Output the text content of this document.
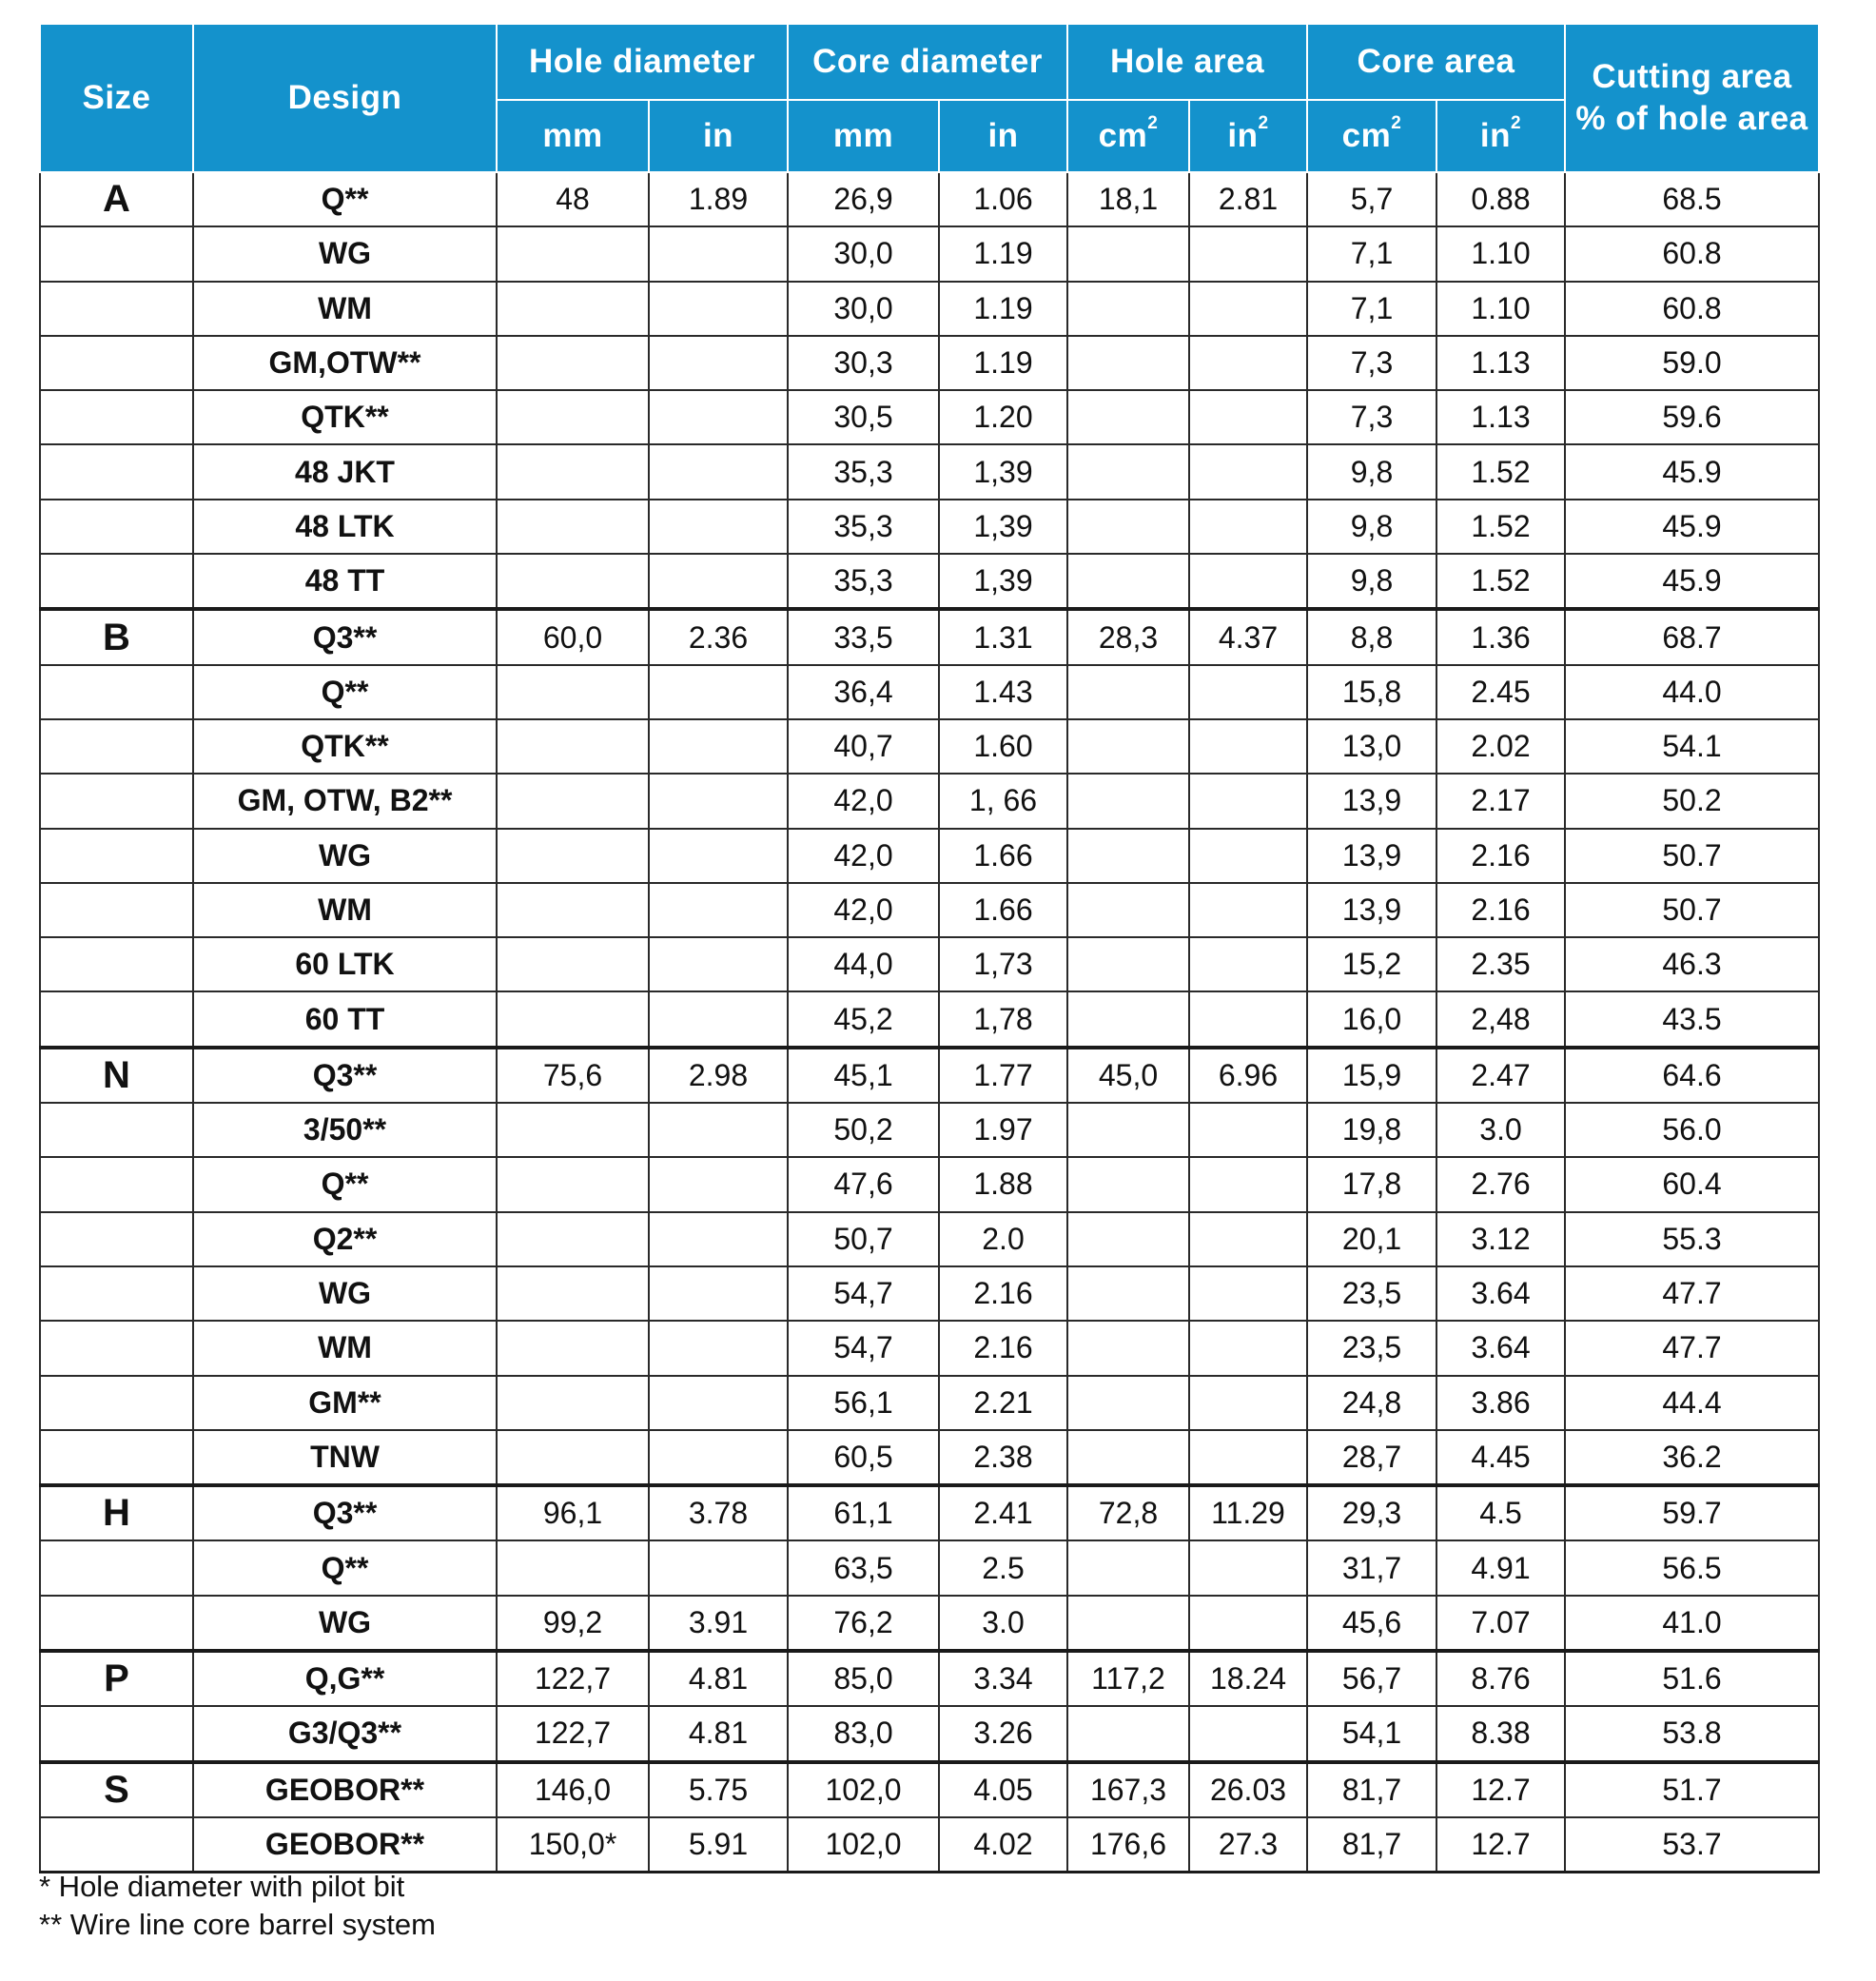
Size	Design	Hole diameter		Core diameter		Hole area		Core area		Cutting area
% of hole area

		mm	in	mm	in	$cm^2$	$in^2$	$cm^2$	$in^2$
A	Q**	48	1.89	26,9	1.06	18,1	2.81	5,7	0.88	68.5
	WG			30,0	1.19			7,1	1.10	60.8
	WM			30,0	1.19			7,1	1.10	60.8
	GM,OTW**			30,3	1.19			7,3	1.13	59.0
	QTK**			30,5	1.20			7,3	1.13	59.6
	48 JKT			35,3	1,39			9,8	1.52	45.9
	48 LTK			35,3	1,39			9,8	1.52	45.9
	48 TT			35,3	1,39			9,8	1.52	45.9
B	Q3**	60,0	2.36	33,5	1.31	28,3	4.37	8,8	1.36	68.7
	Q**			36,4	1.43			15,8	2.45	44.0
	QTK**			40,7	1.60			13,0	2.02	54.1
	GM, OTW, B2**			42,0	1, 66			13,9	2.17	50.2
	WG			42,0	1.66			13,9	2.16	50.7
	WM			42,0	1.66			13,9	2.16	50.7
	60 LTK			44,0	1,73			15,2	2.35	46.3
	60 TT			45,2	1,78			16,0	2,48	43.5
N	Q3**	75,6	2.98	45,1	1.77	45,0	6.96	15,9	2.47	64.6
	3/50**			50,2	1.97			19,8	3.0	56.0
	Q**			47,6	1.88			17,8	2.76	60.4
	Q2**			50,7	2.0			20,1	3.12	55.3
	WG			54,7	2.16			23,5	3.64	47.7
	WM			54,7	2.16			23,5	3.64	47.7
	GM**			56,1	2.21			24,8	3.86	44.4
	TNW			60,5	2.38			28,7	4.45	36.2
H	Q3**	96,1	3.78	61,1	2.41	72,8	11.29	29,3	4.5	59.7
	Q**			63,5	2.5			31,7	4.91	56.5
	WG	99,2	3.91	76,2	3.0			45,6	7.07	41.0
P	Q,G**	122,7	4.81	85,0	3.34	117,2	18.24	56,7	8.76	51.6
	G3/Q3**	122,7	4.81	83,0	3.26			54,1	8.38	53.8
S	GEOBOR**	146,0	5.75	102,0	4.05	167,3	26.03	81,7	12.7	51.7
	GEOBOR**	150,0*	5.91	102,0	4.02	176,6	27.3	81,7	12.7	53.7
* Hole diameter with pilot bit
** Wire line core barrel system
